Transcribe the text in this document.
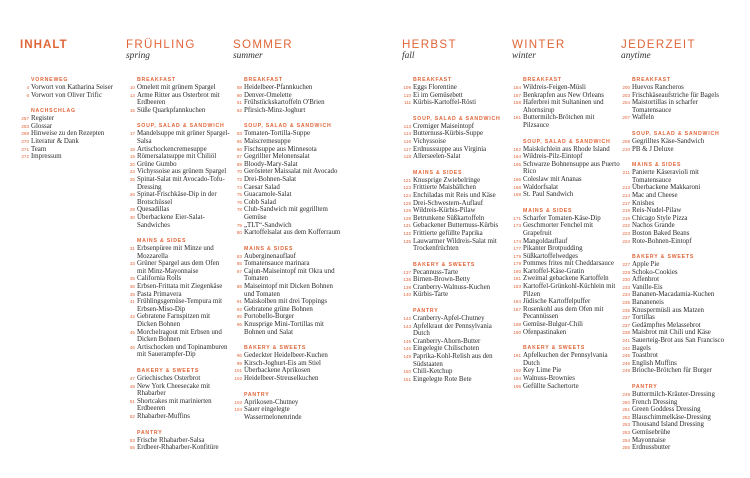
INHALT
VORNEWEG
4 Vorwort von Katharina Seiser
6 Vorwort von Oliver Trific
NACHSCHLAG
257 Register
263 Glossar
269 Hinweise zu den Rezepten
270 Literatur & Dank
271 Team
272 Impressum
FRÜHLING
spring
BREAKFAST
10 Omelett mit grünem Spargel
13 Arme Ritter aus Osterbrot mit Erdbeeren
15 Süße Quarkpfannkuchen
SOUP, SALAD & SANDWICH
17 Mandelsuppe mit grüner Spargel-Salsa
18 Artischockencremesuppe
19 Römersalatsuppe mit Chiliöl
20 Grüne Gumbo
23 Vichyssoise aus grünem Spargel
25 Spinat-Salat mit Avocado-Tofu-Dressing
26 Spinat-Frischkäse-Dip in der Brotschüssel
29 Quesadillas
30 Überbackene Eier-Salat-Sandwiches
MAINS & SIDES
31 Erbsenpüree mit Minze und Mozzarella
33 Grüner Spargel aus dem Ofen mit Minz-Mayonnaise
35 California Rolls
36 Erbsen-Frittata mit Ziegenkäse
39 Pasta Primavera
41 Frühlingsgemüse-Tempura mit Erbsen-Miso-Dip
42 Gebratene Farnspitzen mit Dicken Bohnen
45 Morchelragout mit Erbsen und Dicken Bohnen
46 Artischocken und Topinamburen mit Sauerampfer-Dip
BAKERY & SWEETS
47 Griechisches Osterbrot
48 New York Cheesecake mit Rhabarber
51 Shortcakes mit marinierten Erdbeeren
52 Rhabarber-Muffins
PANTRY
53 Frische Rhabarber-Salsa
55 Erdbeer-Rhabarber-Konfitüre
SOMMER
summer
BREAKFAST
58 Heidelbeer-Pfannkuchen
60 Denver-Omelette
61 Frühstückskartoffeln O'Brien
62 Pfirsich-Minz-Joghurt
SOUP, SALAD & SANDWICH
63 Tomaten-Tortilla-Suppe
65 Maiscremesuppe
66 Fischsuppe aus Minnesota
67 Gegrillter Melonensalat
69 Bloody-Mary-Salat
70 Gerösteter Maissalat mit Avocado
73 Drei-Bohnen-Salat
74 Caesar Salad
75 Guacamole-Salat
76 Cobb Salad
78 Club-Sandwich mit gegrilltem Gemüse
79 „TLT“-Sandwich
80 Kartoffelsalat aus dem Kofferraum
MAINS & SIDES
83 Auberginenauflauf
85 Tomatensauce marinara
87 Cajun-Maiseintopf mit Okra und Tomaten
88 Maiseintopf mit Dicken Bohnen und Tomaten
91 Maiskolben mit drei Toppings
92 Gebratene grüne Bohnen
95 Portobello-Burger
96 Knusprige Mini-Tortillas mit Bohnen und Salat
BAKERY & SWEETS
96 Gedeckter Heidelbeer-Kuchen
99 Kirsch-Joghurt-Eis am Stiel
101 Überbackene Aprikosen
102 Heidelbeer-Streuselkuchen
PANTRY
103 Aprikosen-Chutney
104 Sauer eingelegte Wassermelonenrinde
HERBST
fall
BREAKFAST
109 Eggs Florentine
110 Ei im Gemüsebett
111 Kürbis-Kartoffel-Rösti
SOUP, SALAD & SANDWICH
113 Cremiger Maiseintopf
114 Butternuss-Kürbis-Suppe
116 Vichyssoise
117 Erdnusssuppe aus Virginia
118 Allerseelen-Salat
MAINS & SIDES
121 Knusprige Zwiebelringe
123 Frittierte Maisbällchen
124 Enchiladas mit Reis und Käse
125 Drei-Schwestern-Auflauf
126 Wildreis-Kürbis-Pilaw
128 Betrunkene Süßkartoffeln
131 Gebackener Butternuss-Kürbis
132 Frittierte gefüllte Paprika
135 Lauwarmer Wildreis-Salat mit Trockenfrüchten
BAKERY & SWEETS
137 Pecannuss-Tarte
138 Birnen-Brown-Betty
139 Cranberry-Walnuss-Kuchen
140 Kürbis-Tarte
PANTRY
142 Cranberry-Apfel-Chutney
143 Apfelkraut der Pennsylvania Dutch
145 Cranberry-Ahorn-Butter
146 Eingelegte Chilischoten
149 Paprika-Kohl-Relish aus den Südstaaten
150 Chili-Ketchup
151 Eingelegte Rote Bete
WINTER
winter
BREAKFAST
154 Wildreis-Feigen-Müsli
157 Benkrapfen aus New Orleans
158 Haferbrei mit Sultaninen und Ahornsirup
161 Buttermilch-Brötchen mit Pilzsauce
SOUP, SALAD & SANDWICH
162 Maisküchlein aus Rhode Island
164 Wildreis-Pilz-Eintopf
165 Schwarze Bohnensuppe aus Puerto Rico
166 Coleslaw mit Ananas
168 Waldorfsalat
169 St. Paul Sandwich
MAINS & SIDES
171 Scharfer Tomaten-Käse-Dip
173 Geschmorter Fenchel mit Grapefruit
174 Mangoldauflauf
177 Pikanter Brotpudding
179 Süßkartoffelwedges
179 Pommes frites mit Cheddarsauce
180 Kartoffel-Käse-Gratin
181 Zweimal gebackene Kartoffeln
183 Kartoffel-Grünkohl-Küchlein mit Pilzen
184 Jüdische Kartoffelpuffer
187 Rosenkohl aus dem Ofen mit Pecannüssen
188 Gemüse-Bulgur-Chili
190 Ofenpastinaken
BAKERY & SWEETS
191 Apfelkuchen der Pennsylvania Dutch
192 Key Lime Pie
194 Walnuss-Brownies
195 Gefüllte Sachertorte
JEDERZEIT
anytime
BREAKFAST
200 Huevos Rancheros
203 Frischkäseaufstriche für Bagels
204 Maistortillas in scharfer Tomatensauce
207 Waffeln
SOUP, SALAD & SANDWICH
208 Gegrilltes Käse-Sandwich
210 PB & J Deluxe
MAINS & SIDES
211 Panierte Käseravioli mit Tomatensauce
213 Überbackene Makkaroni
214 Mac and Cheese
217 Knishes
218 Reis-Nudel-Pilaw
219 Chicago Style Pizza
222 Nachos Grande
223 Boston Baked Beans
224 Rote-Bohnen-Eintopf
BAKERY & SWEETS
227 Apple Pie
229 Schoko-Cookies
230 Affenbrot
233 Vanille-Eis
234 Bananen-Macadamia-Kuchen
235 Bananeneis
236 Knuspermüsli aus Matzen
237 Tortillas
237 Gedämpftes Melassebrot
238 Maisbrot mit Chili und Käse
241 Sauerteig-Brot aus San Francisco
242 Bagels
245 Toastbrot
246 English Muffins
248 Brioche-Brötchen für Burger
PANTRY
249 Buttermilch-Kräuter-Dressing
250 French Dressing
251 Green Goddess Dressing
252 Blauschimmelkäse-Dressing
253 Thousand Island Dressing
253 Gemüsebrühe
254 Mayonnaise
255 Erdnussbutter
